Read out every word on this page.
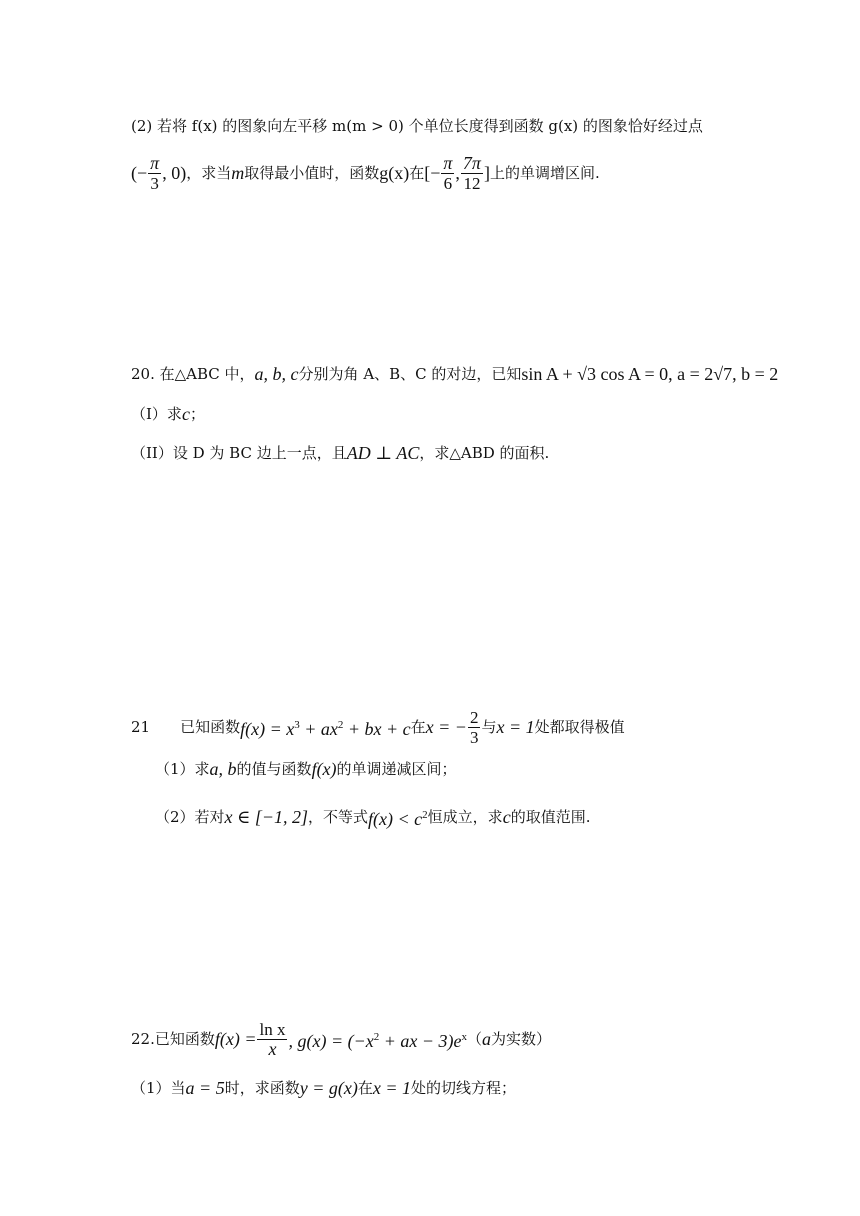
(2) 若将 f(x) 的图象向左平移 m(m > 0) 个单位长度得到函数 g(x) 的图象恰好经过点
(− $\frac{\pi}{3}$ , 0) ，求当 m 取得最小值时，函数 g(x) 在 [− $\frac{\pi}{6}$ , $\frac{7\pi}{12}$ ] 上的单调增区间.
20. 在△ABC 中， a, b, c 分别为角 A、B、C 的对边，已知 sin A + √3 cos A = 0, a = 2√7, b = 2
（I）求 c ；
（II）设 D 为 BC 边上一点，且 AD ⊥ AC ，求△ABD 的面积.
21　　已知函数 $f(x) = x^3 + ax^2$ + bx + c 在 x = − $\frac{2}{3}$ 与 x = 1 处都取得极值
（1）求 a, b 的值与函数 f(x) 的单调递减区间；
（2）若对 x ∈ [−1, 2] ，不等式 $f(x) < c^2$ 恒成立，求 c 的取值范围.
22.已知函数 $f(x) = \frac{\text{ln x}}{x}$ , $g(x) = (-x^2$ + ax − $3)e^x$ （ a 为实数）
（1）当 a = 5 时，求函数 y = g(x) 在 x = 1 处的切线方程；
